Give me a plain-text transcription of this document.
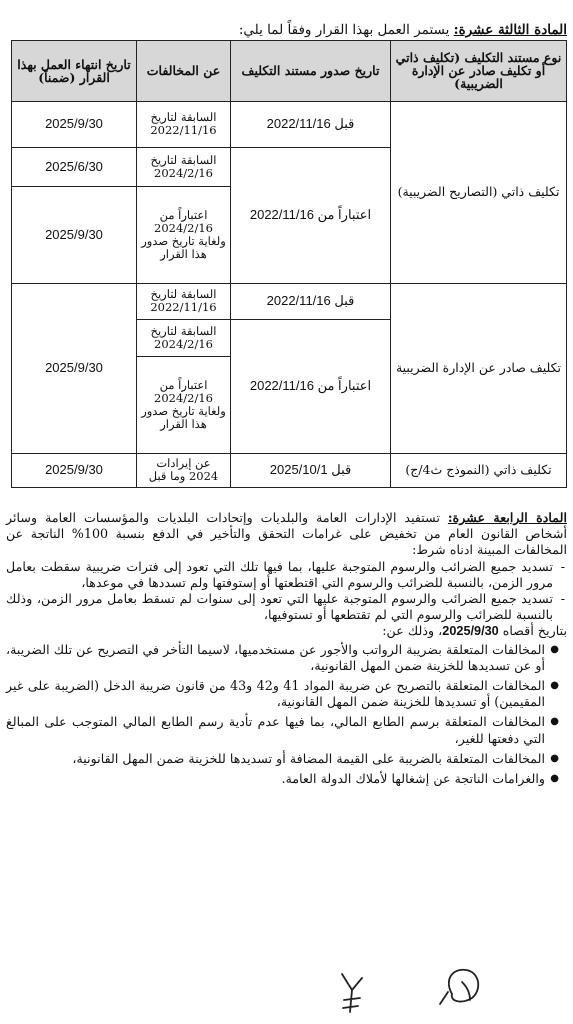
المادة الثالثة عشرة: يستمر العمل بهذا القرار وفقاً لما يلي:
نوع مستند التكليف (تكليف ذاتي أو تكليف صادر عن الإدارة الضريبية)	تاريخ صدور مستند التكليف	عن المخالفات	تاريخ انتهاء العمل بهذا القرار (ضمناً)
تكليف ذاتي (التصاريح الضريبية)	قبل 2022/11/16	السابقة لتاريخ 2022/11/16	2025/9/30
	اعتباراً من 2022/11/16	السابقة لتاريخ 2024/2/16	2025/6/30
		اعتباراً من 2024/2/16 ولغاية تاريخ صدور هذا القرار	2025/9/30
تكليف صادر عن الإدارة الضريبية	قبل 2022/11/16	السابقة لتاريخ 2022/11/16	2025/9/30
	اعتباراً من 2022/11/16	السابقة لتاريخ 2024/2/16	
		اعتباراً من 2024/2/16 ولغاية تاريخ صدور هذا القرار	
تكليف ذاتي (النموذج ث4/ج)	قبل 2025/10/1	عن إيرادات 2024 وما قبل	2025/9/30

المادة الرابعة عشرة: تستفيد الإدارات العامة والبلديات وإتحادات البلديات والمؤسسات العامة وسائر أشخاص القانون العام من تخفيض على غرامات التحقق والتأخير في الدفع بنسبة 100% الناتجة عن المخالفات المبينة ادناه شرط:

- تسديد جميع الضرائب والرسوم المتوجبة عليها، بما فيها تلك التي تعود إلى فترات ضريبية سقطت بعامل مرور الزمن، بالنسبة للضرائب والرسوم التي اقتطعتها أو إستوفتها ولم تسددها في موعدها،
- تسديد جميع الضرائب والرسوم المتوجبة عليها التي تعود إلى سنوات لم تسقط بعامل مرور الزمن، وذلك بالنسبة للضرائب والرسوم التي لم تقتطعها أو تستوفيها،

بتاريخ أقصاه 2025/9/30، وذلك عن:

● المخالفات المتعلقة بضريبة الرواتب والأجور عن مستخدميها، لاسيما التأخر في التصريح عن تلك الضريبة، أو عن تسديدها للخزينة ضمن المهل القانونية،
● المخالفات المتعلقة بالتصريح عن ضريبة المواد 41 و42 و43 من قانون ضريبة الدخل (الضريبة على غير المقيمين) أو تسديدها للخزينة ضمن المهل القانونية،
● المخالفات المتعلقة برسم الطابع المالي، بما فيها عدم تأدية رسم الطابع المالي المتوجب على المبالغ التي دفعتها للغير،
● المخالفات المتعلقة بالضريبة على القيمة المضافة أو تسديدها للخزينة ضمن المهل القانونية،
● والغرامات الناتجة عن إشغالها لأملاك الدولة العامة.
